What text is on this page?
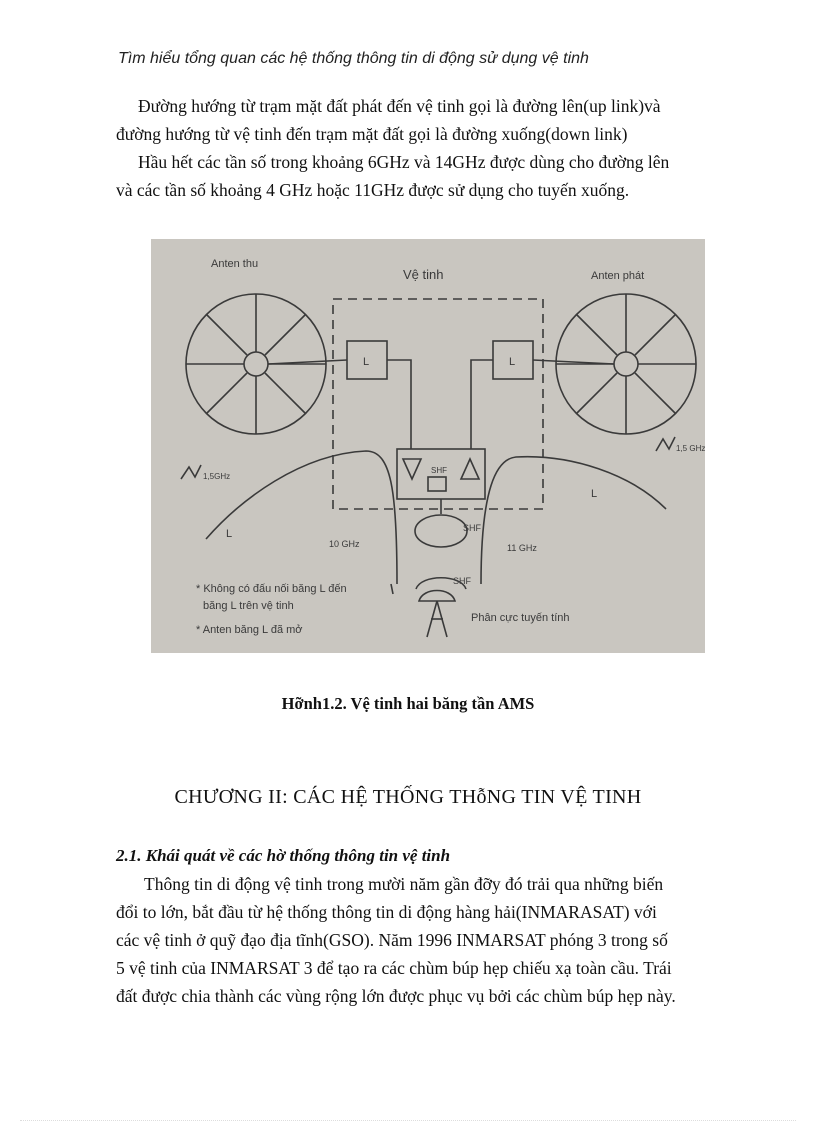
Tìm hiểu tổng quan các hệ thống thông tin di động sử dụng vệ tinh
Đường hướng từ trạm mặt đất phát đến vệ tinh gọi là đường lên(up link)và
đường hướng từ vệ tinh đến trạm mặt đất gọi là đường xuống(down link)
Hầu hết các tần số trong khoảng 6GHz và 14GHz được dùng cho đường lên
và các tần số khoảng 4 GHz hoặc 11GHz được sử dụng cho tuyến xuống.
Anten thu
Vệ tinh	Anten phát
L	L
SHF
1,5GHz
1,5 GHz
L
L
10 GHz	11 GHz
SHF
SHF
* Không có đấu nối băng L đến
băng L trên vệ tinh
* Anten băng L đã mở
Phân cực tuyến tính
Hỡnh1.2. Vệ tinh hai băng tần AMS
CHƯƠNG II: CÁC HỆ THỐNG THỗNG TIN VỆ TINH
2.1. Khái quát về các hờ thống thông tin vệ tinh
Thông tin di động vệ tinh trong mười năm gần đỡy đó trải qua những biến
đổi to lớn, bắt đầu từ hệ thống thông tin di động hàng hải(INMARASAT) với
các vệ tinh ở quỹ đạo địa tĩnh(GSO). Năm 1996 INMARSAT phóng 3 trong số
5 vệ tinh của INMARSAT 3 để tạo ra các chùm búp hẹp chiếu xạ toàn cầu. Trái
đất được chia thành các vùng rộng lớn được phục vụ bởi các chùm búp hẹp này.
